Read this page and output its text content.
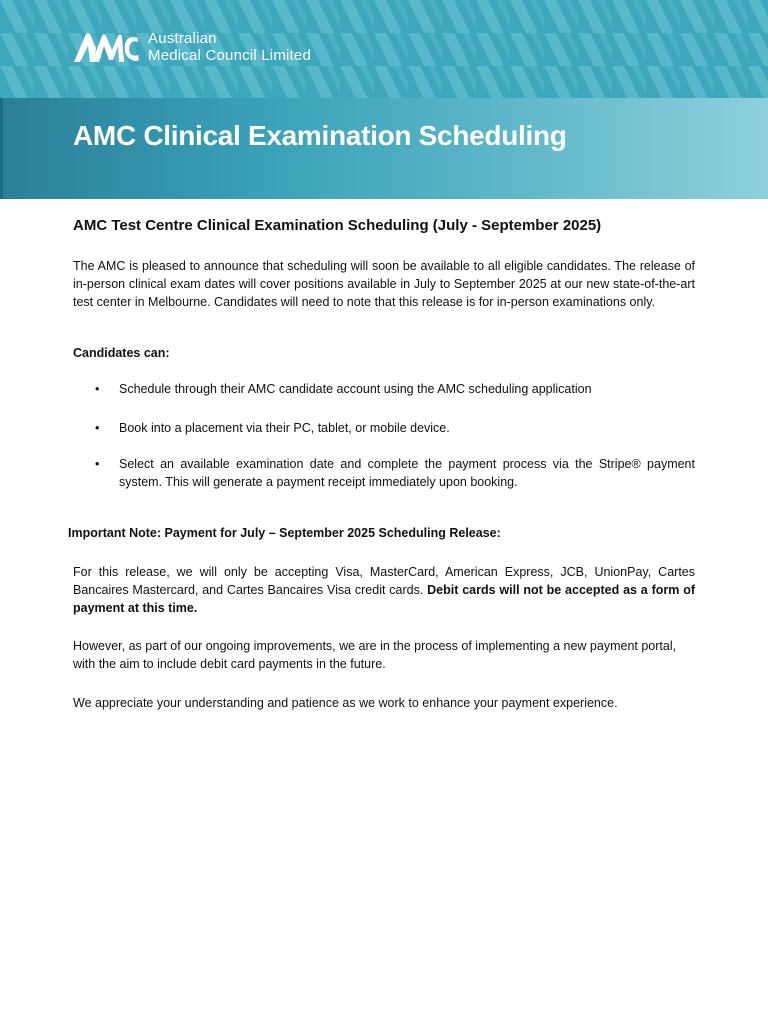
Australian
Medical Council Limited
AMC Clinical Examination Scheduling
AMC Test Centre Clinical Examination Scheduling (July - September 2025)

The AMC is pleased to announce that scheduling will soon be available to all eligible candidates. The release of in-person clinical exam dates will cover positions available in July to September 2025 at our new state-of-the-art test center in Melbourne. Candidates will need to note that this release is for in-person examinations only.

Candidates can:

• Schedule through their AMC candidate account using the AMC scheduling application
• Book into a placement via their PC, tablet, or mobile device.
• Select an available examination date and complete the payment process via the Stripe® payment system. This will generate a payment receipt immediately upon booking.

Important Note: Payment for July – September 2025 Scheduling Release:

For this release, we will only be accepting Visa, MasterCard, American Express, JCB, UnionPay, Cartes Bancaires Mastercard, and Cartes Bancaires Visa credit cards. Debit cards will not be accepted as a form of payment at this time.

However, as part of our ongoing improvements, we are in the process of implementing a new payment portal, with the aim to include debit card payments in the future.

We appreciate your understanding and patience as we work to enhance your payment experience.
